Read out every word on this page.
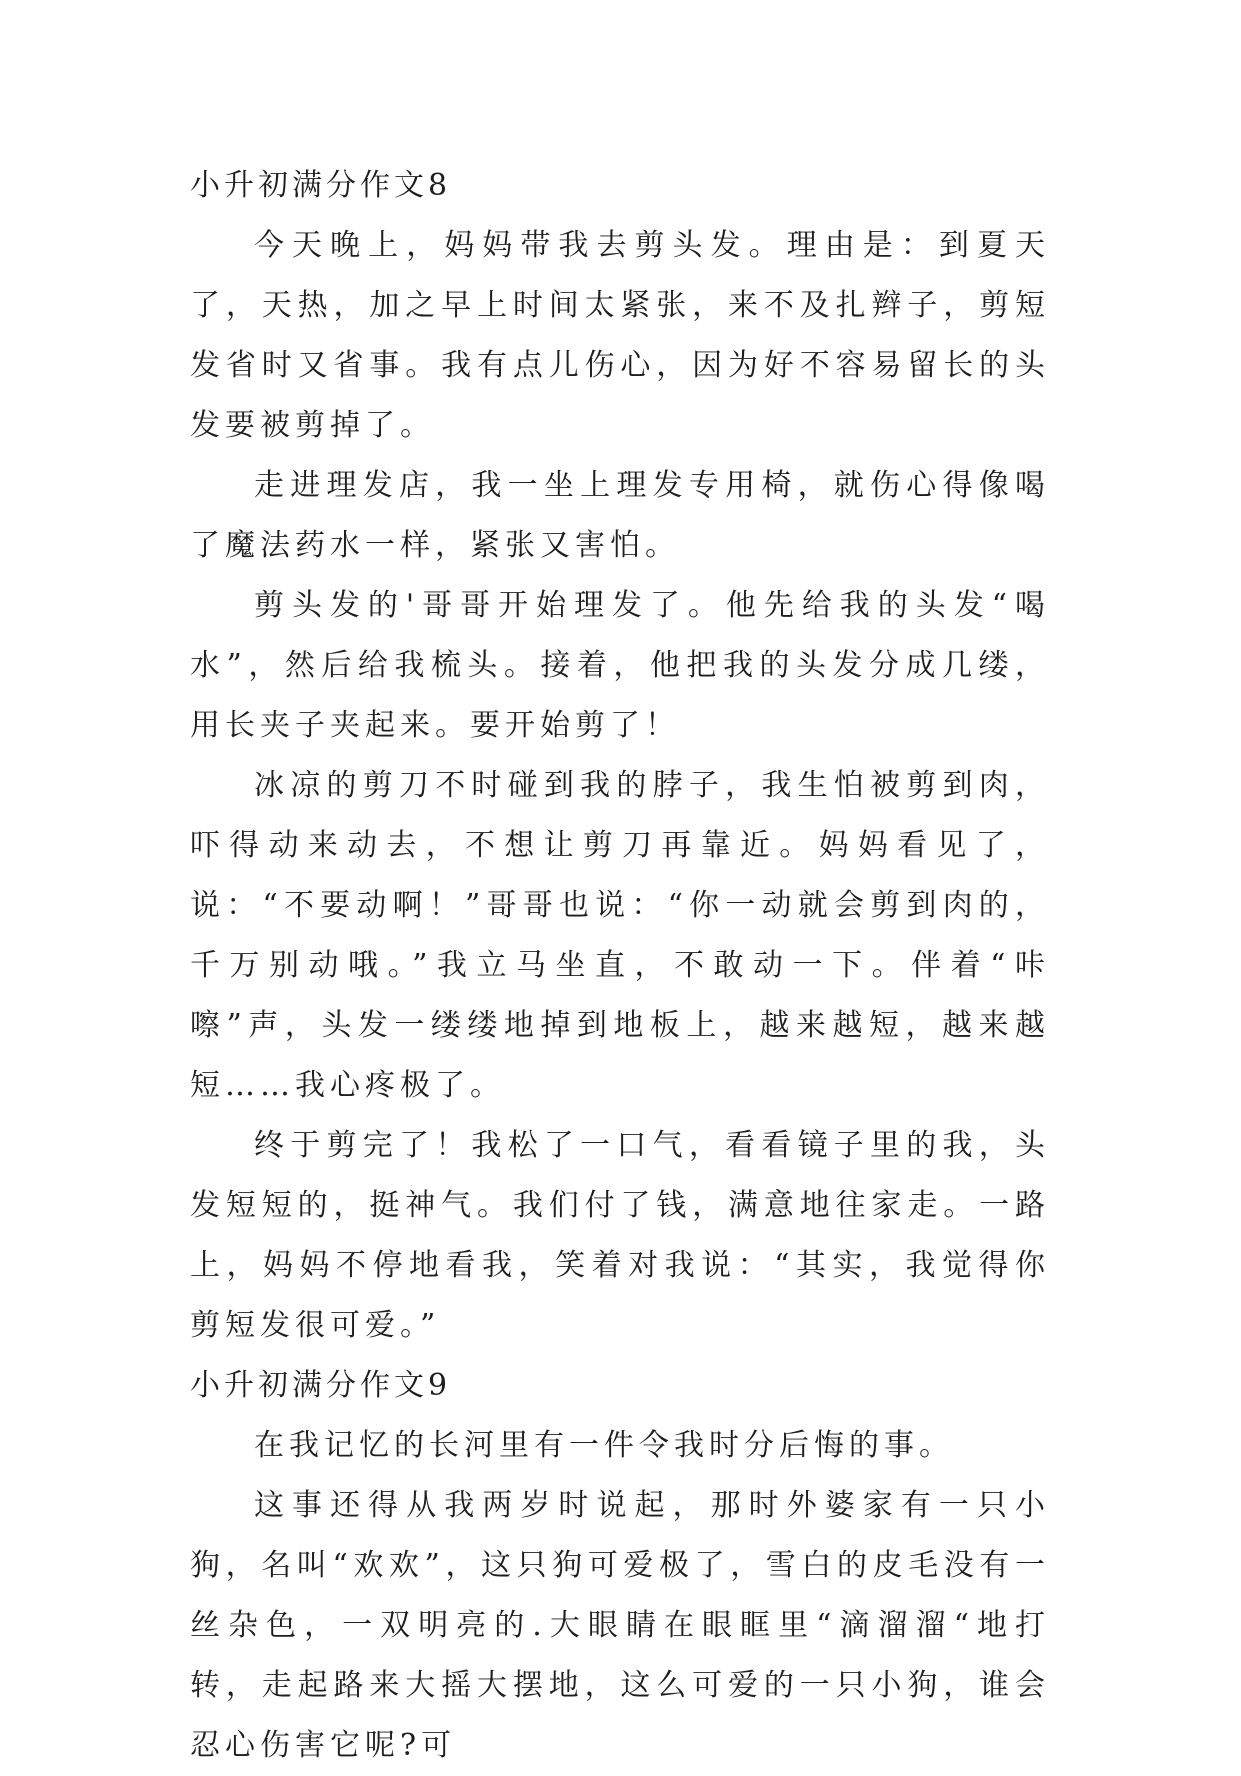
小升初满分作文8

今天晚上，妈妈带我去剪头发。理由是：到夏天了，天热，加之早上时间太紧张，来不及扎辫子，剪短发省时又省事。我有点儿伤心，因为好不容易留长的头发要被剪掉了。

走进理发店，我一坐上理发专用椅，就伤心得像喝了魔法药水一样，紧张又害怕。

剪头发的'哥哥开始理发了。他先给我的头发“喝水”，然后给我梳头。接着，他把我的头发分成几缕，用长夹子夹起来。要开始剪了！

冰凉的剪刀不时碰到我的脖子，我生怕被剪到肉，吓得动来动去，不想让剪刀再靠近。妈妈看见了，说：“不要动啊！”哥哥也说：“你一动就会剪到肉的，千万别动哦。”我立马坐直，不敢动一下。伴着“咔嚓”声，头发一缕缕地掉到地板上，越来越短，越来越短……我心疼极了。

终于剪完了！我松了一口气，看看镜子里的我，头发短短的，挺神气。我们付了钱，满意地往家走。一路上，妈妈不停地看我，笑着对我说：“其实，我觉得你剪短发很可爱。”

小升初满分作文9

在我记忆的长河里有一件令我时分后悔的事。

这事还得从我两岁时说起，那时外婆家有一只小狗，名叫“欢欢”，这只狗可爱极了，雪白的皮毛没有一丝杂色，一双明亮的.大眼睛在眼眶里“滴溜溜“地打转，走起路来大摇大摆地，这么可爱的一只小狗，谁会忍心伤害它呢?可
